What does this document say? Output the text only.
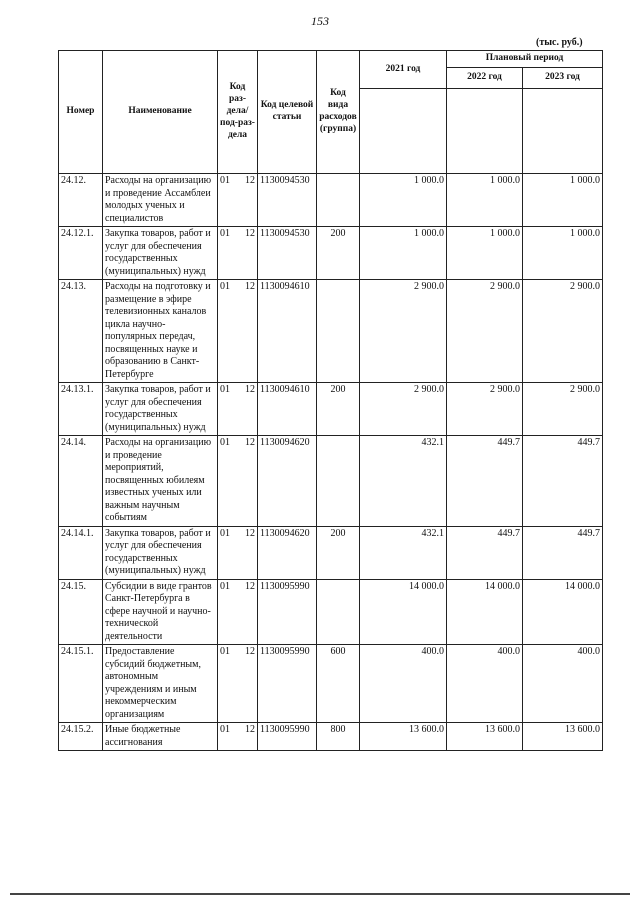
153
(тыс. руб.)
Номер	Наименование	Код раз-дела/ под-раз-дела		Код целевой статьи	Код вида расходов (группа)	2021 год	Плановый период	
							2022 год	2023 год

24.12.	Расходы на организацию и проведение Ассамблеи молодых ученых и специалистов	01	12	1130094530		1 000.0	1 000.0	1 000.0
24.12.1.	Закупка товаров, работ и услуг для обеспечения государственных (муниципальных) нужд	01	12	1130094530	200	1 000.0	1 000.0	1 000.0
24.13.	Расходы на подготовку и размещение в эфире телевизионных каналов цикла научно-популярных передач, посвященных науке и образованию в Санкт-Петербурге	01	12	1130094610		2 900.0	2 900.0	2 900.0
24.13.1.	Закупка товаров, работ и услуг для обеспечения государственных (муниципальных) нужд	01	12	1130094610	200	2 900.0	2 900.0	2 900.0
24.14.	Расходы на организацию и проведение мероприятий, посвященных юбилеям известных ученых или важным научным событиям	01	12	1130094620		432.1	449.7	449.7
24.14.1.	Закупка товаров, работ и услуг для обеспечения государственных (муниципальных) нужд	01	12	1130094620	200	432.1	449.7	449.7
24.15.	Субсидии в виде грантов Санкт-Петербурга в сфере научной и научно-технической деятельности	01	12	1130095990		14 000.0	14 000.0	14 000.0
24.15.1.	Предоставление субсидий бюджетным, автономным учреждениям и иным некоммерческим организациям	01	12	1130095990	600	400.0	400.0	400.0
24.15.2.	Иные бюджетные ассигнования	01	12	1130095990	800	13 600.0	13 600.0	13 600.0
